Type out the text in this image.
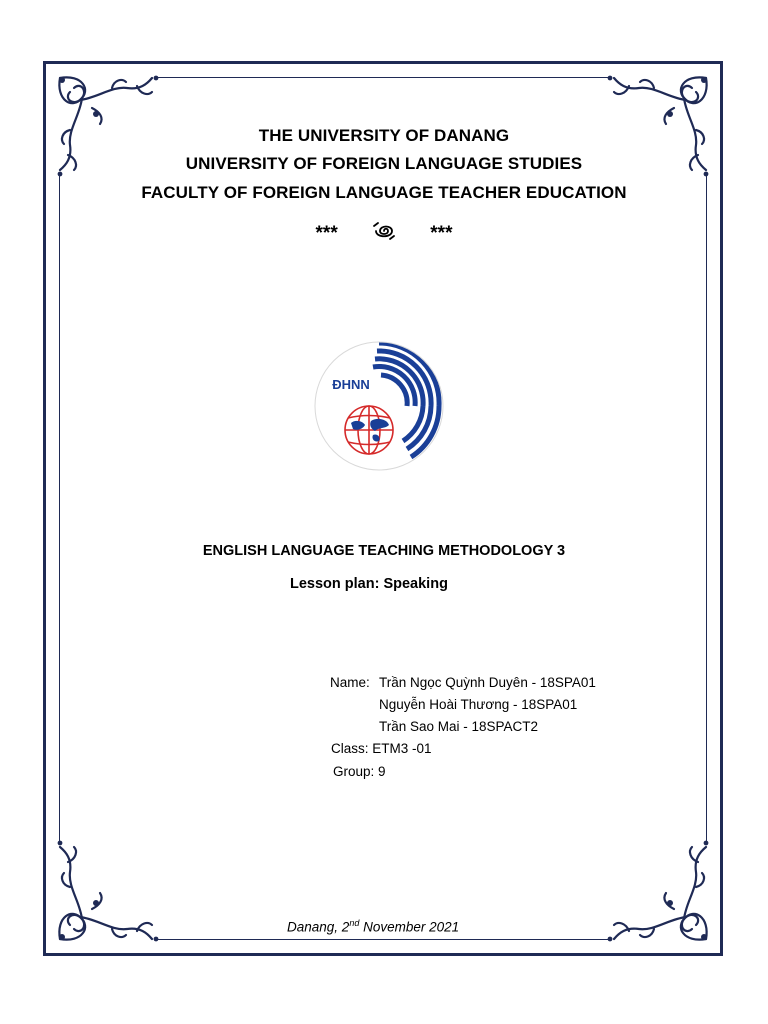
THE UNIVERSITY OF DANANG
UNIVERSITY OF FOREIGN LANGUAGE STUDIES
FACULTY OF FOREIGN LANGUAGE TEACHER EDUCATION
***	***
ĐHNN
ENGLISH LANGUAGE TEACHING METHODOLOGY 3
Lesson plan: Speaking
Name: Trần Ngọc Quỳnh Duyên - 18SPA01
Nguyễn Hoài Thương - 18SPA01
Trần Sao Mai - 18SPACT2
Class: ETM3 -01
Group: 9
Danang, 2nd November 2021
